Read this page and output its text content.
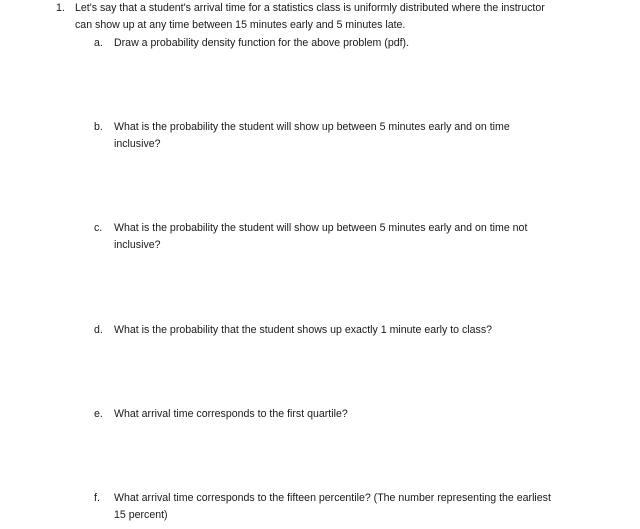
1. Let's say that a student's arrival time for a statistics class is uniformly distributed where the instructor
can show up at any time between 15 minutes early and 5 minutes late.
a. Draw a probability density function for the above problem (pdf).
b. What is the probability the student will show up between 5 minutes early and on time
inclusive?
c. What is the probability the student will show up between 5 minutes early and on time not
inclusive?
d. What is the probability that the student shows up exactly 1 minute early to class?
e. What arrival time corresponds to the first quartile?
f. What arrival time corresponds to the fifteen percentile? (The number representing the earliest
15 percent)
